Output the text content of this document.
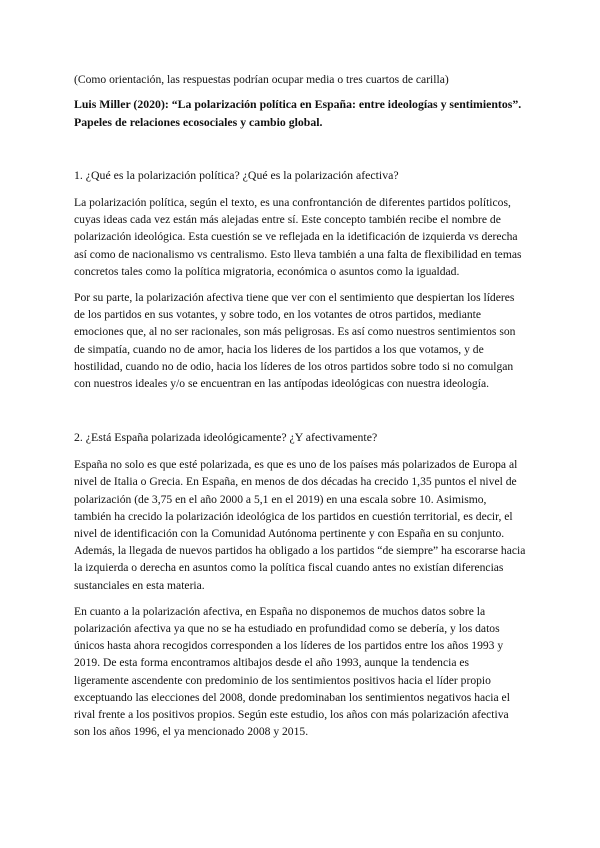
(Como orientación, las respuestas podrían ocupar media o tres cuartos de carilla)

Luis Miller (2020): “La polarización política en España: entre ideologías y sentimientos”. Papeles de relaciones ecosociales y cambio global.

1. ¿Qué es la polarización política? ¿Qué es la polarización afectiva?

La polarización política, según el texto, es una confrontanción de diferentes partidos políticos, cuyas ideas cada vez están más alejadas entre sí. Este concepto también recibe el nombre de polarización ideológica. Esta cuestión se ve reflejada en la idetificación de izquierda vs derecha así como de nacionalismo vs centralismo. Esto lleva también a una falta de flexibilidad en temas concretos tales como la política migratoria, económica o asuntos como la igualdad.

Por su parte, la polarización afectiva tiene que ver con el sentimiento que despiertan los líderes de los partidos en sus votantes, y sobre todo, en los votantes de otros partidos, mediante emociones que, al no ser racionales, son más peligrosas. Es así como nuestros sentimientos son de simpatía, cuando no de amor, hacia los lideres de los partidos a los que votamos, y de hostilidad, cuando no de odio, hacia los líderes de los otros partidos sobre todo si no comulgan con nuestros ideales y/o se encuentran en las antípodas ideológicas con nuestra ideología.

2. ¿Está España polarizada ideológicamente? ¿Y afectivamente?

España no solo es que esté polarizada, es que es uno de los países más polarizados de Europa al nivel de Italia o Grecia. En España, en menos de dos décadas ha crecido 1,35 puntos el nivel de polarización (de 3,75 en el año 2000 a 5,1 en el 2019) en una escala sobre 10. Asimismo, también ha crecido la polarización ideológica de los partidos en cuestión territorial, es decir, el nivel de identificación con la Comunidad Autónoma pertinente y con España en su conjunto. Además, la llegada de nuevos partidos ha obligado a los partidos “de siempre” ha escorarse hacia la izquierda o derecha en asuntos como la política fiscal cuando antes no existían diferencias sustanciales en esta materia.

En cuanto a la polarización afectiva, en España no disponemos de muchos datos sobre la polarización afectiva ya que no se ha estudiado en profundidad como se debería, y los datos únicos hasta ahora recogidos corresponden a los líderes de los partidos entre los años 1993 y 2019. De esta forma encontramos altibajos desde el año 1993, aunque la tendencia es ligeramente ascendente con predominio de los sentimientos positivos hacia el líder propio exceptuando las elecciones del 2008, donde predominaban los sentimientos negativos hacia el rival frente a los positivos propios. Según este estudio, los años con más polarización afectiva son los años 1996, el ya mencionado 2008 y 2015.
